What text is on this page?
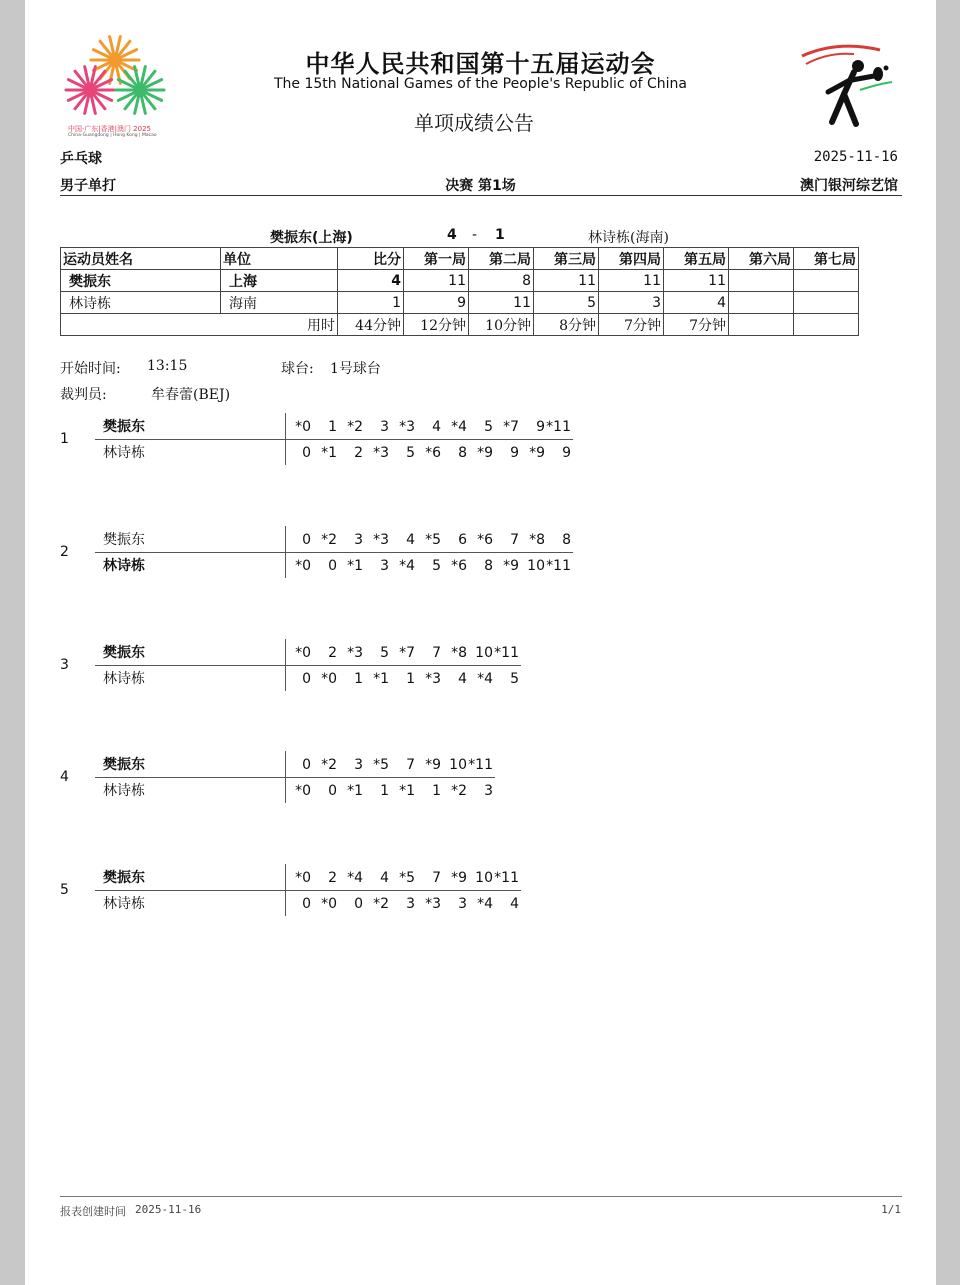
中国·广东|香港|澳门 2025
China-Guangdong | Hong Kong | Macao
中华人民共和国第十五届运动会
The 15th National Games of the People's Republic of China
单项成绩公告
乒乓球	2025-11-16
男子单打	决赛 第1场	澳门银河综艺馆
樊振东(上海)	4 - 1	林诗栋(海南)
运动员姓名	单位	比分	第一局	第二局	第三局	第四局	第五局	第六局	第七局
樊振东	上海	4	11	8	11	11	11		
林诗栋	海南	1	9	11	5	3	4		
用时		44分钟	12分钟	10分钟	8分钟	7分钟	7分钟		
开始时间: 13:15	球台: 1号球台
裁判员:	牟春蕾(BEJ)
1
樊振东	*0	1 *2	3 *3	4 *4	5 *7	9 *11
林诗栋	0 *1	2 *3	5 *6	8 *9	9 *9	9
2
樊振东	0 *2	3 *3	4 *5	6 *6	7 *8	8
林诗栋	*0	0 *1	3 *4	5 *6	8 *9 10 *11
3
樊振东	*0	2 *3	5 *7	7 *8 10 *11
林诗栋	0 *0	1 *1	1 *3	4 *4	5
4
樊振东	0 *2	3 *5	7 *9 10 *11
林诗栋	*0	0 *1	1 *1	1 *2	3
5
樊振东	*0	2 *4	4 *5	7 *9 10 *11
林诗栋	0 *0	0 *2	3 *3	3 *4	4
报表创建时间 2025-11-16	1/1
